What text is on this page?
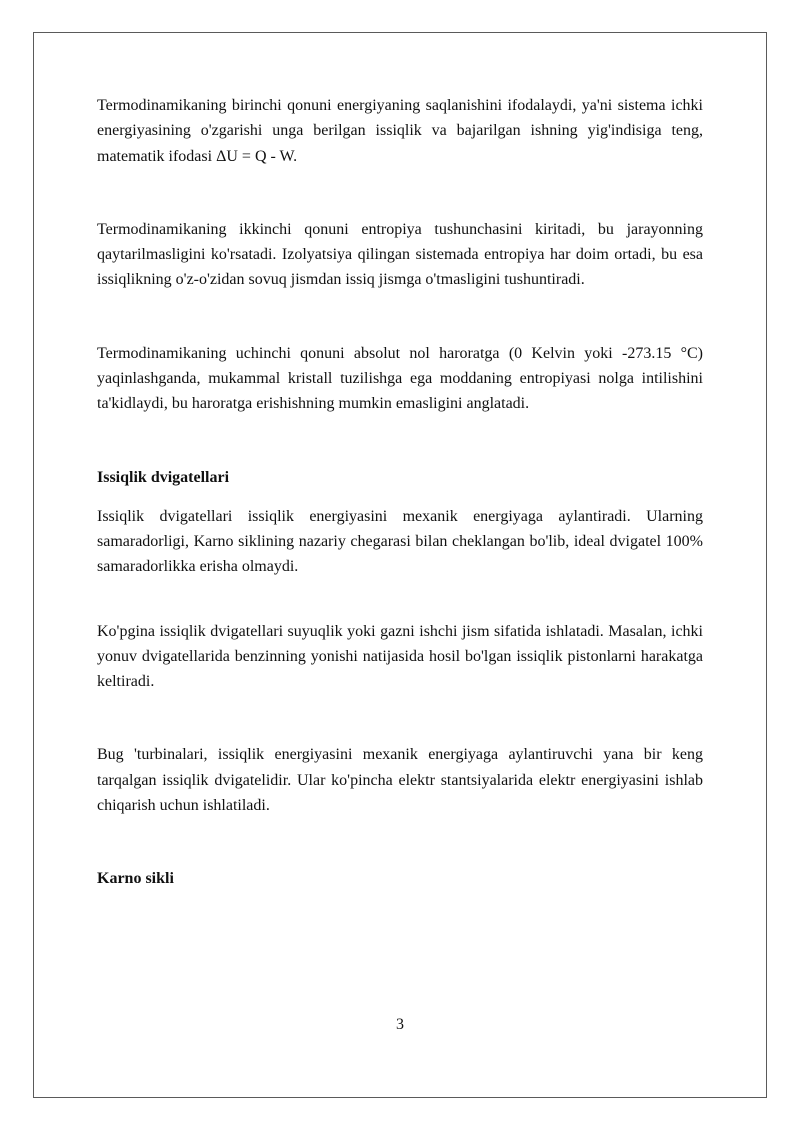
Termodinamikaning birinchi qonuni energiyaning saqlanishini ifodalaydi, ya'ni sistema ichki energiyasining o'zgarishi unga berilgan issiqlik va bajarilgan ishning yig'indisiga teng, matematik ifodasi ΔU = Q - W.

Termodinamikaning ikkinchi qonuni entropiya tushunchasini kiritadi, bu jarayonning qaytarilmasligini ko'rsatadi. Izolyatsiya qilingan sistemada entropiya har doim ortadi, bu esa issiqlikning o'z-o'zidan sovuq jismdan issiq jismga o'tmasligini tushuntiradi.

Termodinamikaning uchinchi qonuni absolut nol haroratga (0 Kelvin yoki -273.15 °C) yaqinlashganda, mukammal kristall tuzilishga ega moddaning entropiyasi nolga intilishini ta'kidlaydi, bu haroratga erishishning mumkin emasligini anglatadi.

Issiqlik dvigatellari

Issiqlik dvigatellari issiqlik energiyasini mexanik energiyaga aylantiradi. Ularning samaradorligi, Karno siklining nazariy chegarasi bilan cheklangan bo'lib, ideal dvigatel 100% samaradorlikka erisha olmaydi.

Ko'pgina issiqlik dvigatellari suyuqlik yoki gazni ishchi jism sifatida ishlatadi. Masalan, ichki yonuv dvigatellarida benzinning yonishi natijasida hosil bo'lgan issiqlik pistonlarni harakatga keltiradi.

Bug 'turbinalari, issiqlik energiyasini mexanik energiyaga aylantiruvchi yana bir keng tarqalgan issiqlik dvigatelidir. Ular ko'pincha elektr stantsiyalarida elektr energiyasini ishlab chiqarish uchun ishlatiladi.

Karno sikli
3
